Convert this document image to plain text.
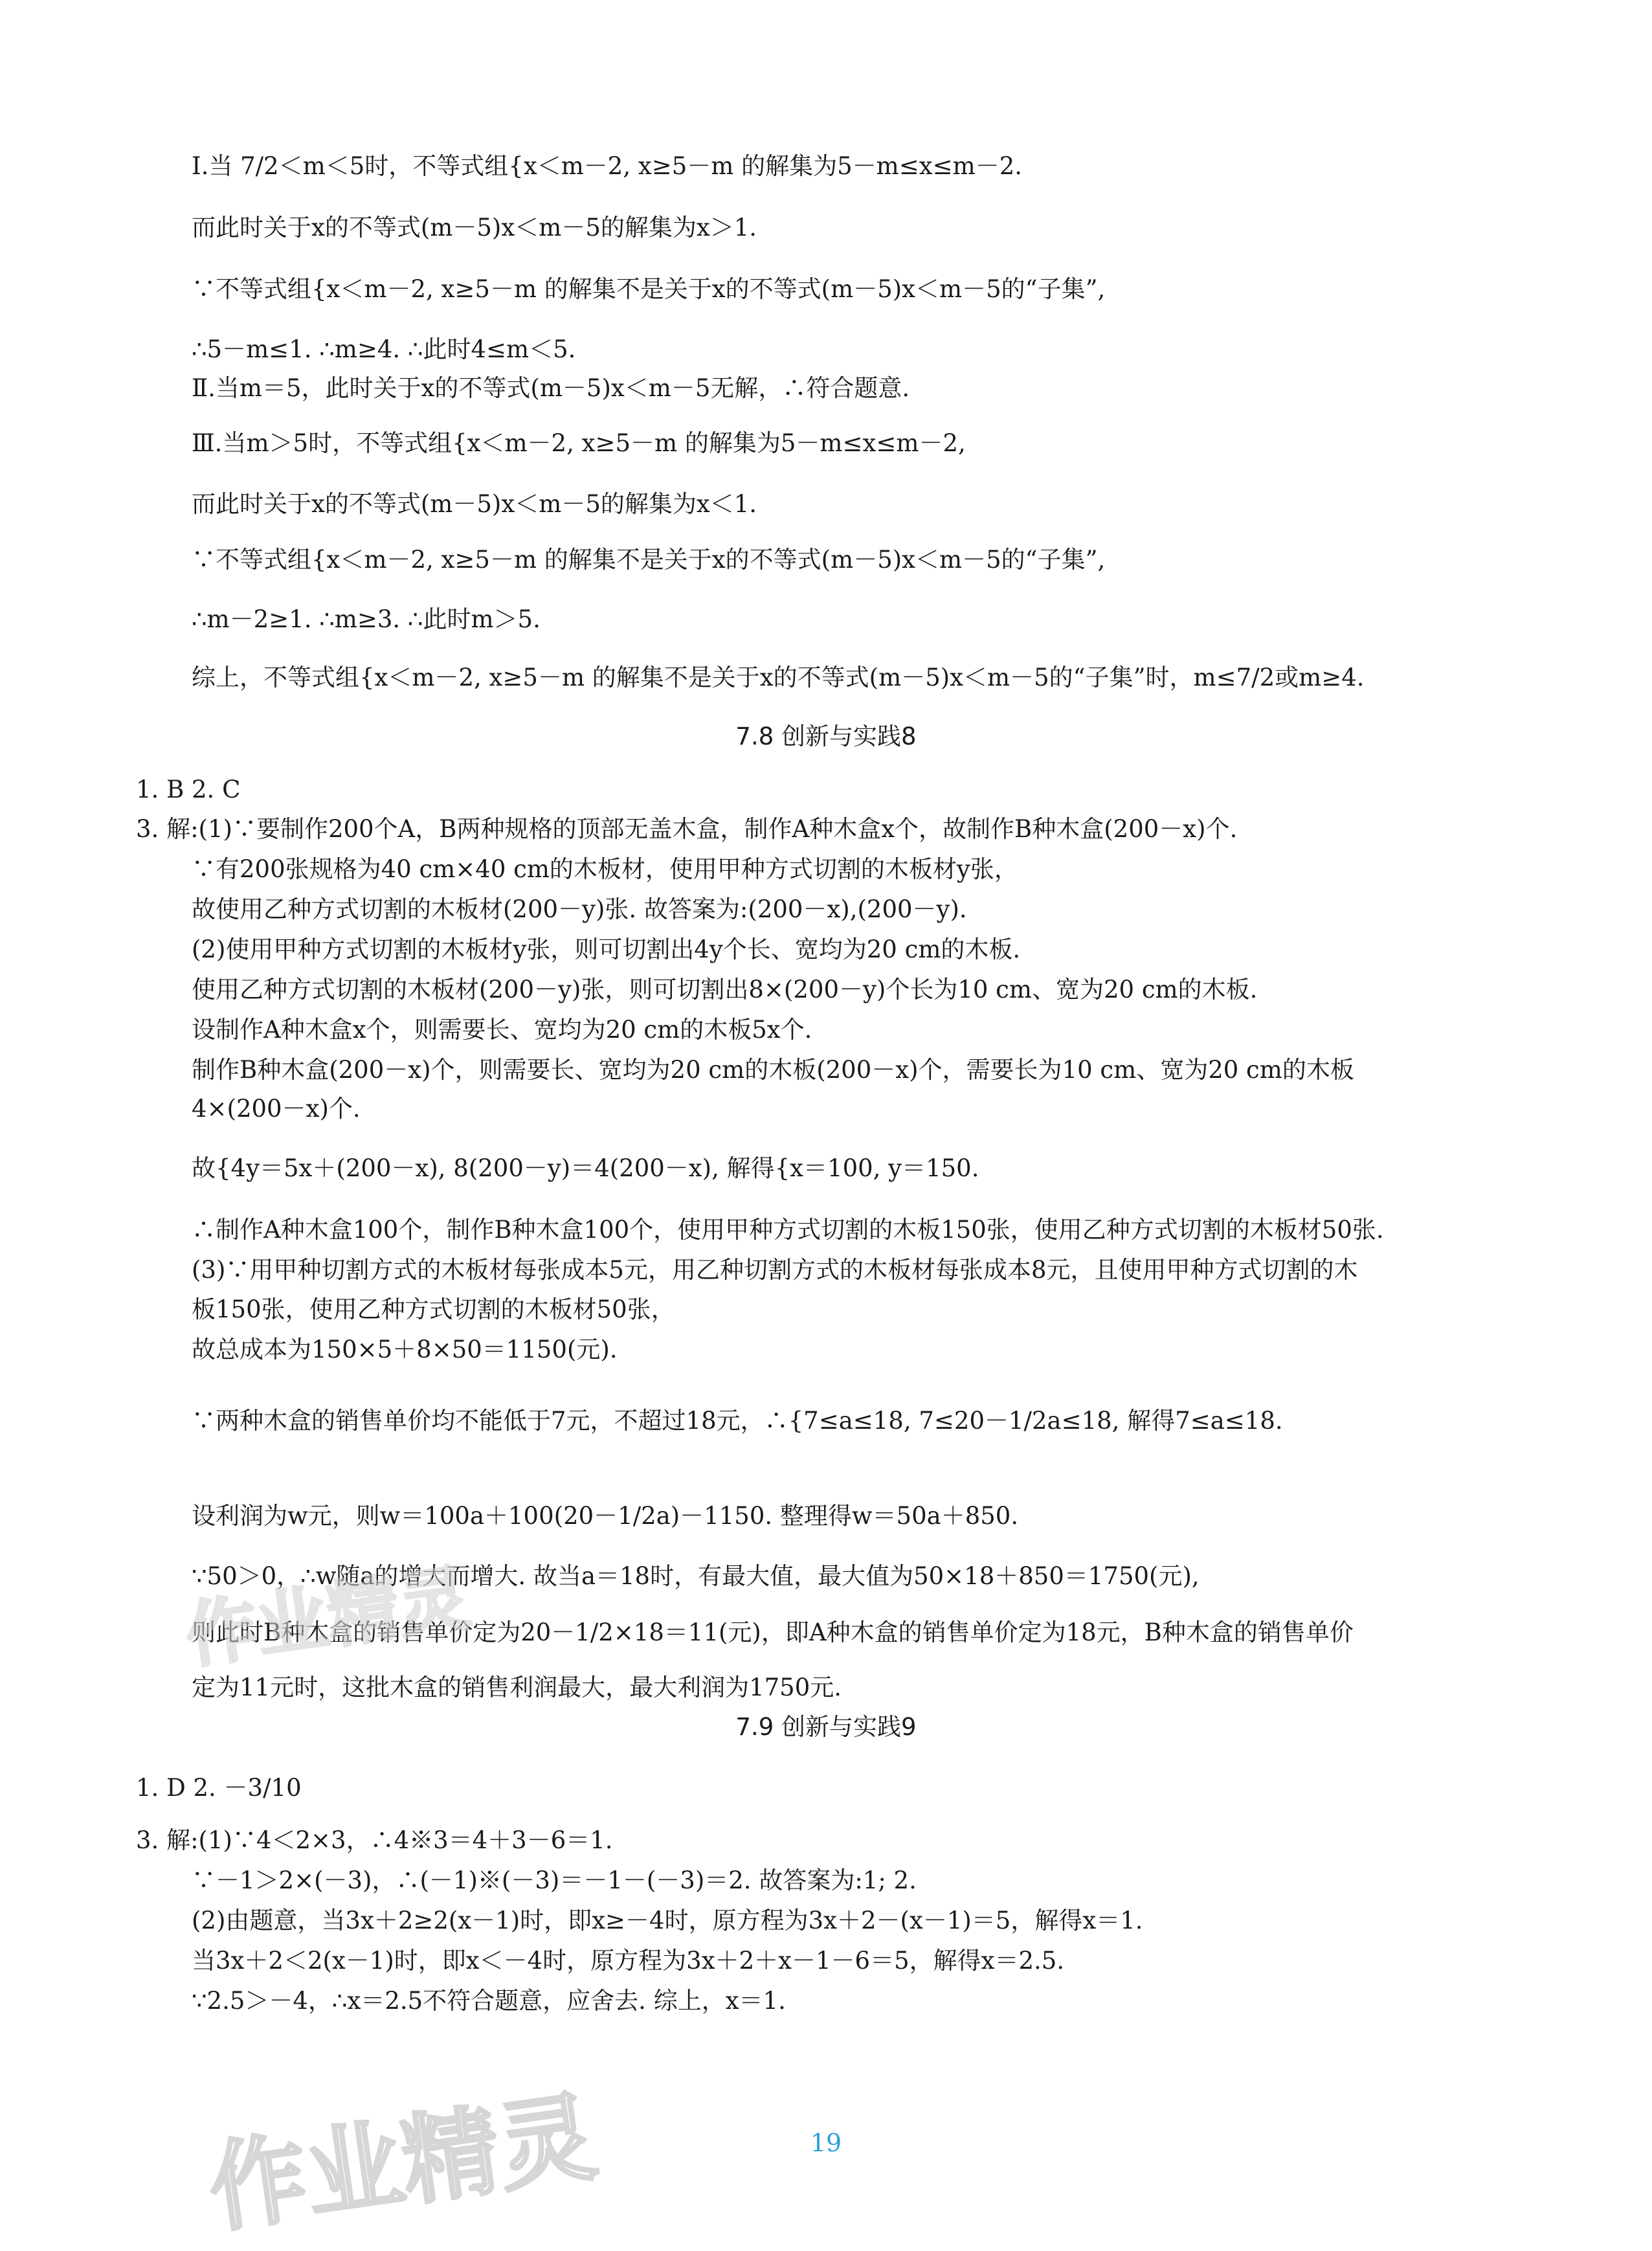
Ⅰ.当 7/2＜m＜5时，不等式组{x＜m－2, x≥5－m 的解集为5－m≤x≤m－2.
而此时关于x的不等式(m－5)x＜m－5的解集为x＞1.
∵不等式组{x＜m－2, x≥5－m 的解集不是关于x的不等式(m－5)x＜m－5的“子集”,
∴5－m≤1. ∴m≥4. ∴此时4≤m＜5.
Ⅱ.当m＝5，此时关于x的不等式(m－5)x＜m－5无解，∴符合题意.
Ⅲ.当m＞5时，不等式组{x＜m－2, x≥5－m 的解集为5－m≤x≤m－2,
而此时关于x的不等式(m－5)x＜m－5的解集为x＜1.
∵不等式组{x＜m－2, x≥5－m 的解集不是关于x的不等式(m－5)x＜m－5的“子集”,
∴m－2≥1. ∴m≥3. ∴此时m＞5.
综上，不等式组{x＜m－2, x≥5－m 的解集不是关于x的不等式(m－5)x＜m－5的“子集”时，m≤7/2或m≥4.
7.8 创新与实践8
1. B 2. C
3. 解:(1)∵要制作200个A，B两种规格的顶部无盖木盒，制作A种木盒x个，故制作B种木盒(200－x)个.
∵有200张规格为40 cm×40 cm的木板材，使用甲种方式切割的木板材y张，
故使用乙种方式切割的木板材(200－y)张. 故答案为:(200－x),(200－y).
(2)使用甲种方式切割的木板材y张，则可切割出4y个长、宽均为20 cm的木板.
使用乙种方式切割的木板材(200－y)张，则可切割出8×(200－y)个长为10 cm、宽为20 cm的木板.
设制作A种木盒x个，则需要长、宽均为20 cm的木板5x个.
制作B种木盒(200－x)个，则需要长、宽均为20 cm的木板(200－x)个，需要长为10 cm、宽为20 cm的木板
4×(200－x)个.
故{4y＝5x＋(200－x), 8(200－y)＝4(200－x), 解得{x＝100, y＝150.
∴制作A种木盒100个，制作B种木盒100个，使用甲种方式切割的木板150张，使用乙种方式切割的木板材50张.
(3)∵用甲种切割方式的木板材每张成本5元，用乙种切割方式的木板材每张成本8元，且使用甲种方式切割的木
板150张，使用乙种方式切割的木板材50张，
故总成本为150×5＋8×50＝1150(元).
∵两种木盒的销售单价均不能低于7元，不超过18元，∴{7≤a≤18, 7≤20－1/2a≤18, 解得7≤a≤18.
设利润为w元，则w＝100a＋100(20－1/2a)－1150. 整理得w＝50a＋850.
∵50＞0，∴w随a的增大而增大. 故当a＝18时，有最大值，最大值为50×18＋850＝1750(元),
则此时B种木盒的销售单价定为20－1/2×18＝11(元)，即A种木盒的销售单价定为18元，B种木盒的销售单价
定为11元时，这批木盒的销售利润最大，最大利润为1750元.
7.9 创新与实践9
1. D 2. －3/10
3. 解:(1)∵4＜2×3，∴4※3＝4＋3－6＝1.
∵－1＞2×(－3)，∴(－1)※(－3)＝－1－(－3)＝2. 故答案为:1; 2.
(2)由题意，当3x＋2≥2(x－1)时，即x≥－4时，原方程为3x＋2－(x－1)＝5，解得x＝1.
当3x＋2＜2(x－1)时，即x＜－4时，原方程为3x＋2＋x－1－6＝5，解得x＝2.5.
∵2.5＞－4，∴x＝2.5不符合题意，应舍去. 综上，x＝1.
19
作业精灵
作业精灵
